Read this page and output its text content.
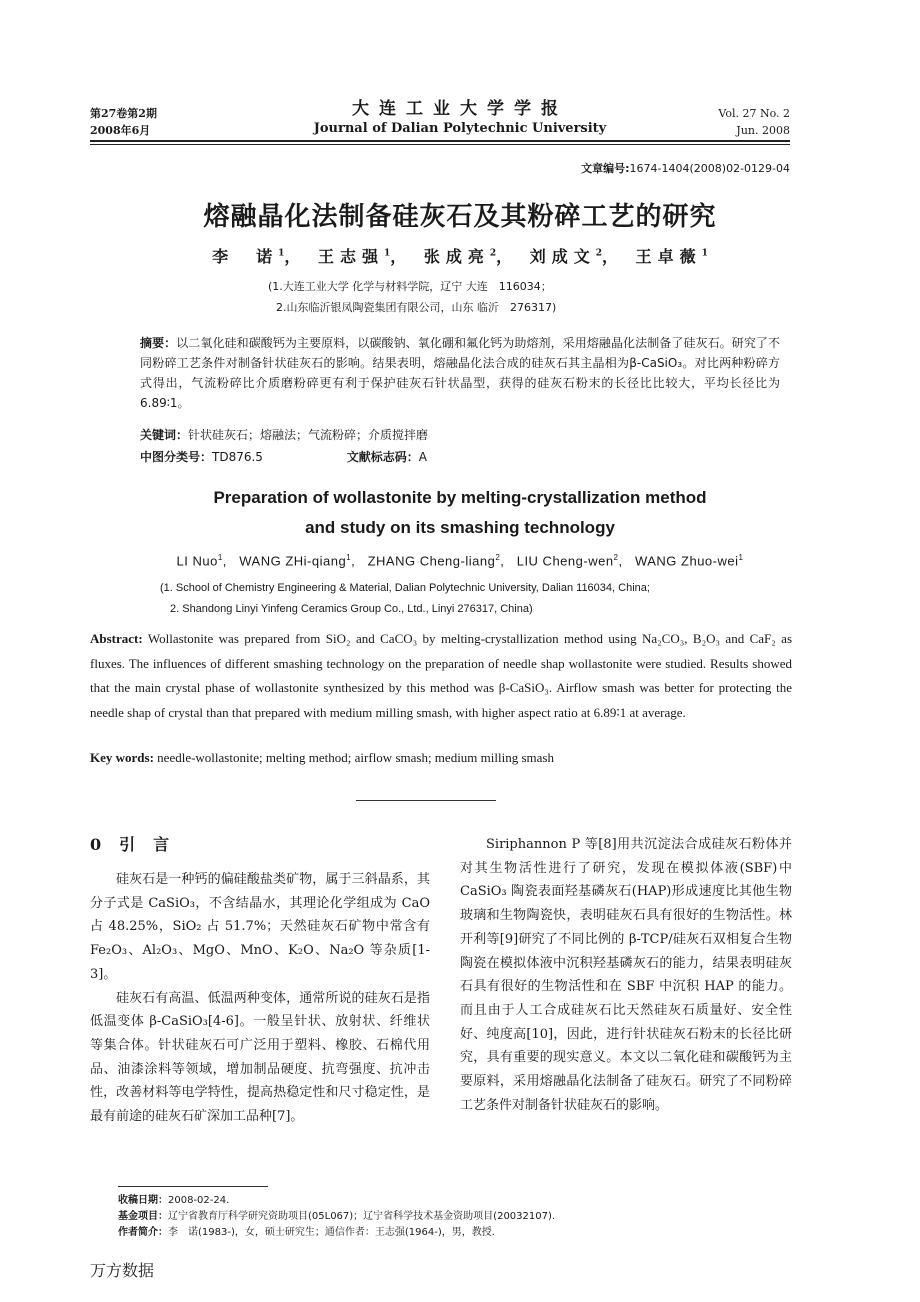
第27卷第2期
2008年6月
大连工业大学学报
Journal of Dalian Polytechnic University
Vol. 27 No. 2
Jun. 2008
文章编号:1674-1404(2008)02-0129-04
熔融晶化法制备硅灰石及其粉碎工艺的研究
李　诺$^1$， 王志强$^1$， 张成亮$^2$， 刘成文$^2$， 王卓薇$^1$
(1.大连工业大学 化学与材料学院，辽宁 大连　116034；
2.山东临沂银凤陶瓷集团有限公司，山东 临沂　276317)
摘要：以二氧化硅和碳酸钙为主要原料，以碳酸钠、氧化硼和氟化钙为助熔剂，采用熔融晶化法制备了硅灰石。研究了不同粉碎工艺条件对制备针状硅灰石的影响。结果表明，熔融晶化法合成的硅灰石其主晶相为β-CaSiO₃。对比两种粉碎方式得出，气流粉碎比介质磨粉碎更有利于保护硅灰石针状晶型，获得的硅灰石粉末的长径比比较大，平均长径比为 6.89∶1。
关键词：针状硅灰石；熔融法；气流粉碎；介质搅拌磨
中图分类号：TD876.5	文献标志码：A
Preparation of wollastonite by melting-crystallization method
and study on its smashing technology
LI Nuo$^1$,   WANG ZHi-qiang$^1$,   ZHANG Cheng-liang$^2$,   LIU Cheng-wen$^2$,   WANG Zhuo-wei$^1$
(1. School of Chemistry Engineering & Material, Dalian Polytechnic University, Dalian 116034, China;
2. Shandong Linyi Yinfeng Ceramics Group Co., Ltd., Linyi 276317, China)
Abstract: Wollastonite was prepared from SiO₂ and CaCO₃ by melting-crystallization method using Na₂CO₃, B₂O₃ and CaF₂ as fluxes. The influences of different smashing technology on the preparation of needle shap wollastonite were studied. Results showed that the main crystal phase of wollastonite synthesized by this method was β-CaSiO₃. Airflow smash was better for protecting the needle shap of crystal than that prepared with medium milling smash, with higher aspect ratio at 6.89∶1 at average.
Key words: needle-wollastonite; melting method; airflow smash; medium milling smash
0 引言

硅灰石是一种钙的偏硅酸盐类矿物，属于三斜晶系，其分子式是 CaSiO₃，不含结晶水，其理论化学组成为 CaO 占 48.25%，SiO₂ 占 51.7%；天然硅灰石矿物中常含有 Fe₂O₃、Al₂O₃、MgO、MnO、K₂O、Na₂O 等杂质[1-3]。

硅灰石有高温、低温两种变体，通常所说的硅灰石是指低温变体 β-CaSiO₃[4-6]。一般呈针状、放射状、纤维状等集合体。针状硅灰石可广泛用于塑料、橡胶、石棉代用品、油漆涂料等领域，增加制品硬度、抗弯强度、抗冲击性，改善材料等电学特性，提高热稳定性和尺寸稳定性，是最有前途的硅灰石矿深加工品种[7]。

Siriphannon P 等[8]用共沉淀法合成硅灰石粉体并对其生物活性进行了研究，发现在模拟体液(SBF)中 CaSiO₃ 陶瓷表面羟基磷灰石(HAP)形成速度比其他生物玻璃和生物陶瓷快，表明硅灰石具有很好的生物活性。林开利等[9]研究了不同比例的 β-TCP/硅灰石双相复合生物陶瓷在模拟体液中沉积羟基磷灰石的能力，结果表明硅灰石具有很好的生物活性和在 SBF 中沉积 HAP 的能力。而且由于人工合成硅灰石比天然硅灰石质量好、安全性好、纯度高[10]，因此，进行针状硅灰石粉末的长径比研究，具有重要的现实意义。本文以二氧化硅和碳酸钙为主要原料，采用熔融晶化法制备了硅灰石。研究了不同粉碎工艺条件对制备针状硅灰石的影响。

收稿日期：2008-02-24.
基金项目：辽宁省教育厅科学研究资助项目(05L067)；辽宁省科学技术基金资助项目(20032107).
作者简介：李　诺(1983-)，女，硕士研究生；通信作者：王志强(1964-)，男，教授.
万方数据
